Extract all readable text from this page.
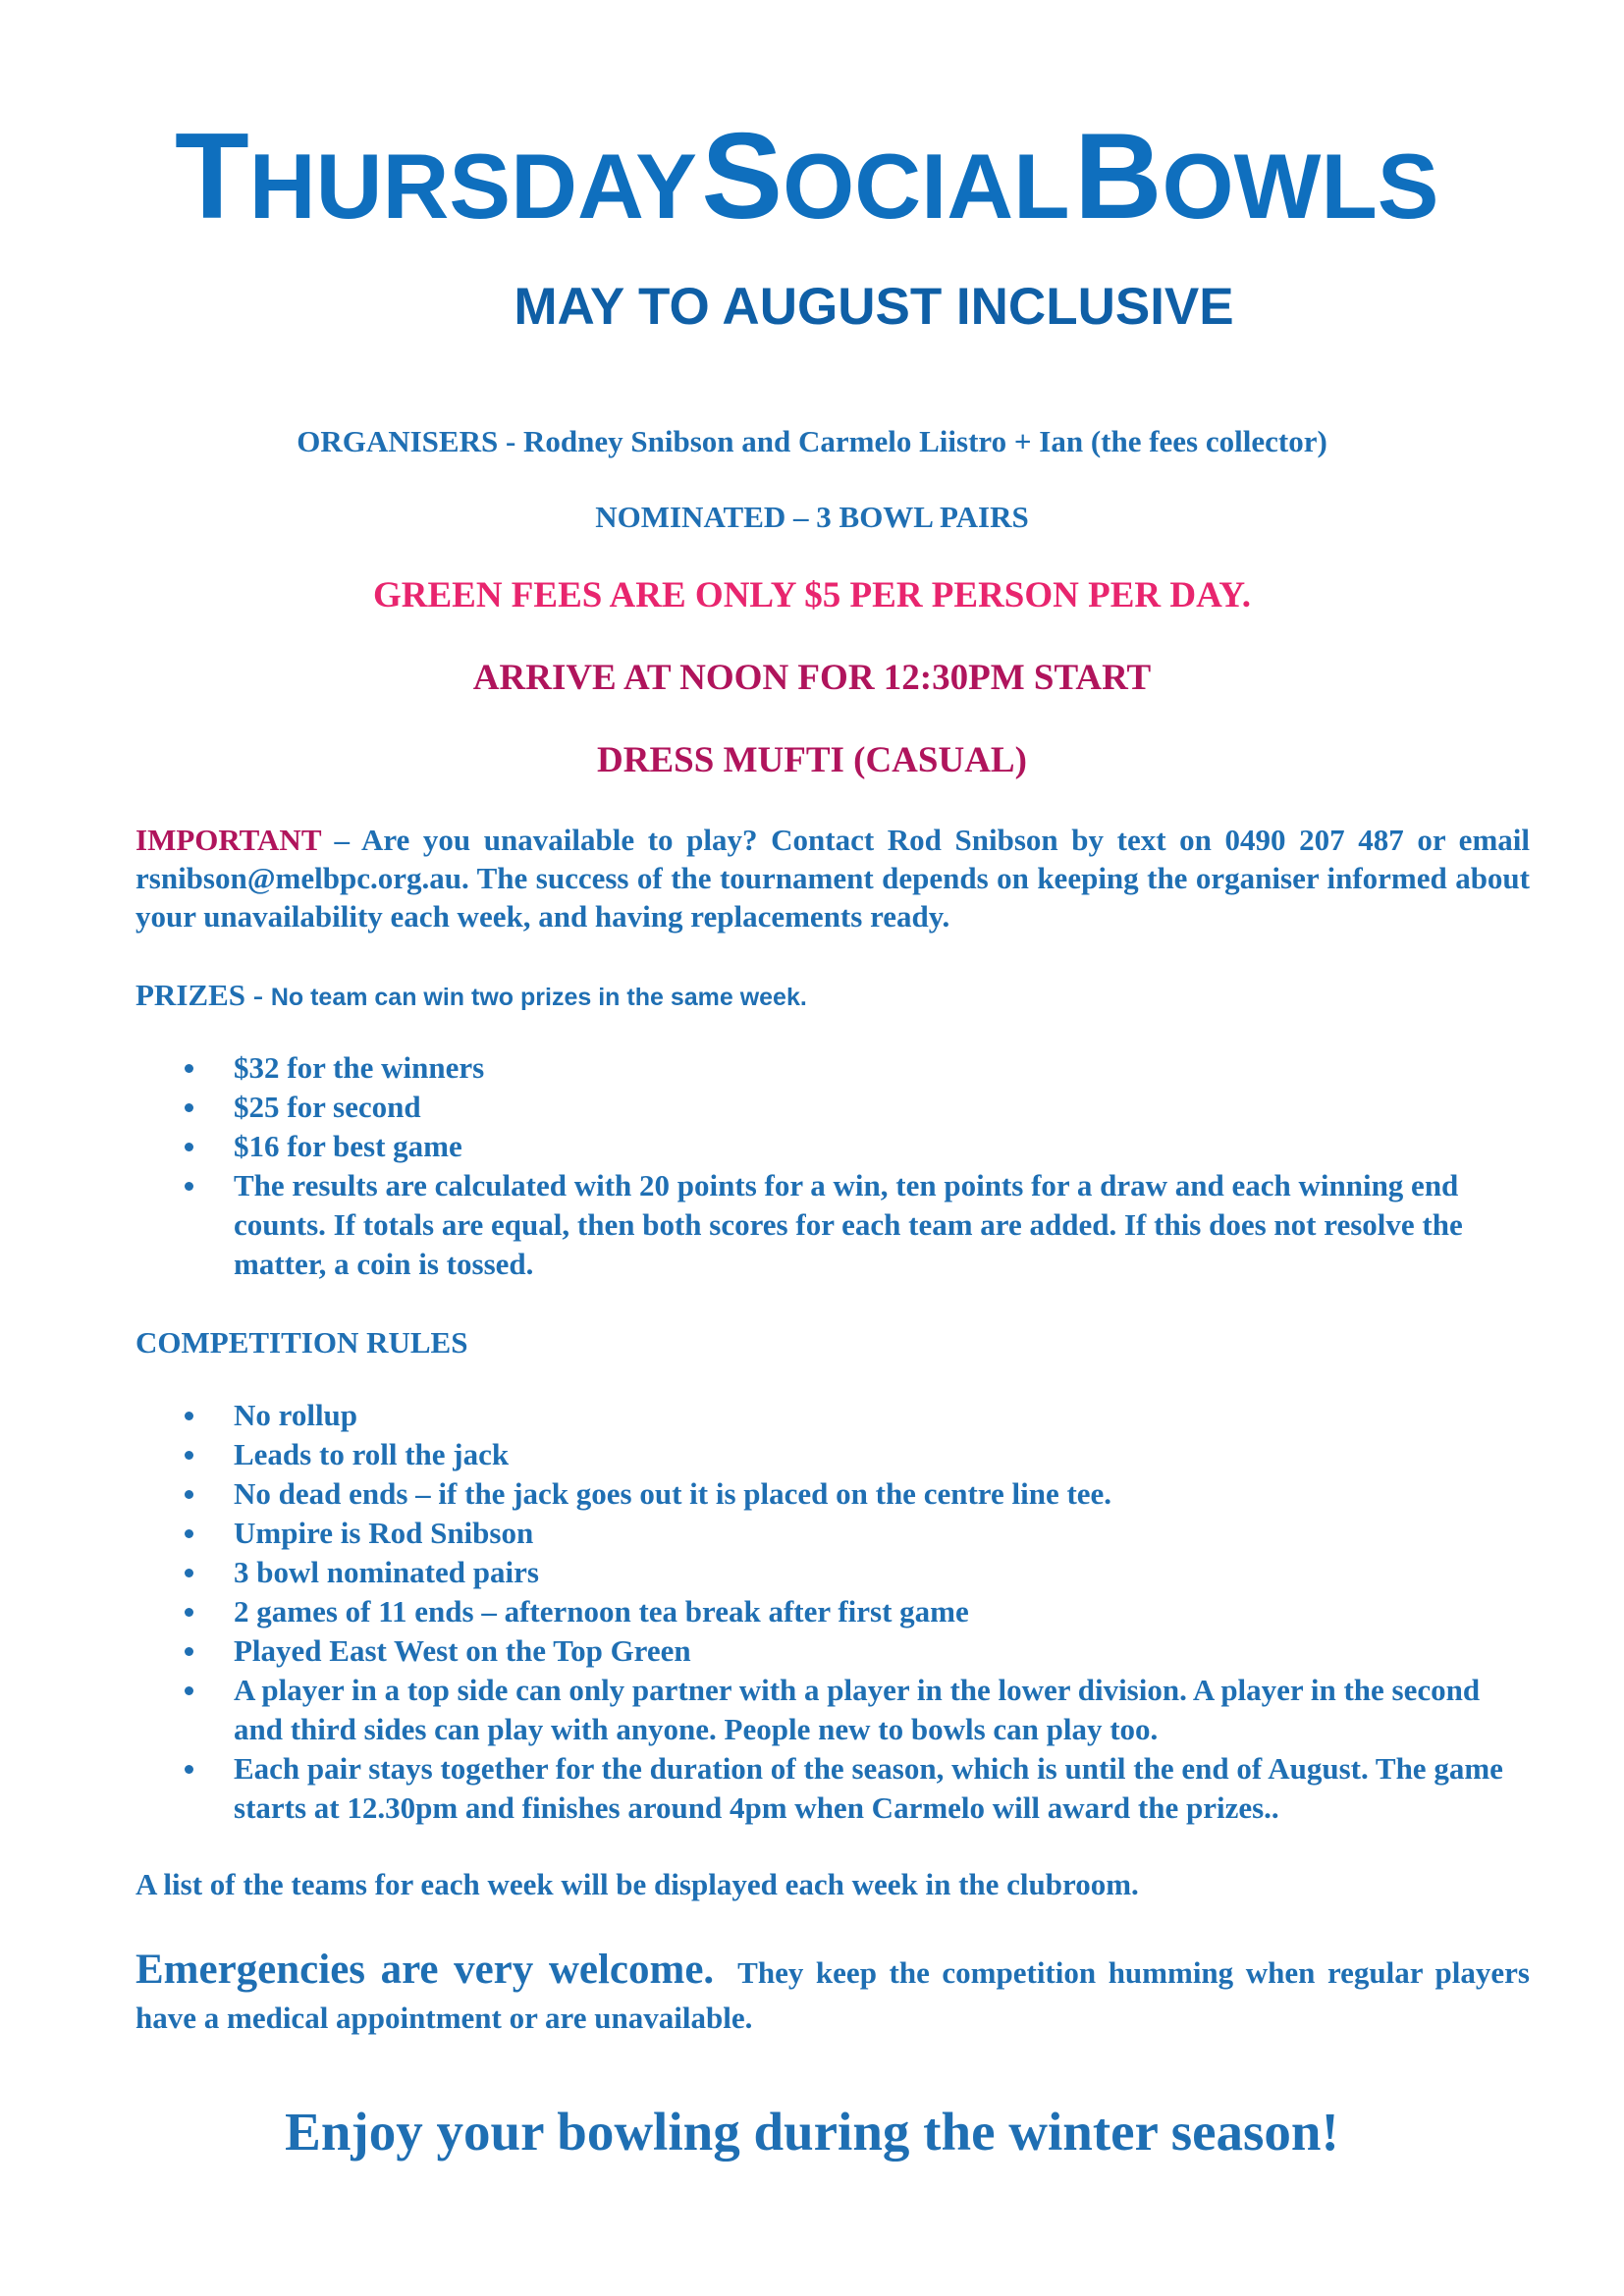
THURSDAY SOCIAL BOWLS
MAY TO AUGUST INCLUSIVE
ORGANISERS - Rodney Snibson and Carmelo Liistro + Ian (the fees collector)
NOMINATED – 3 BOWL PAIRS
GREEN FEES ARE ONLY $5 PER PERSON PER DAY.
ARRIVE AT NOON FOR 12:30PM START
DRESS MUFTI (CASUAL)
IMPORTANT – Are you unavailable to play? Contact Rod Snibson by text on 0490 207 487 or email rsnibson@melbpc.org.au. The success of the tournament depends on keeping the organiser informed about your unavailability each week, and having replacements ready.
PRIZES - No team can win two prizes in the same week.
$32 for the winners
$25 for second
$16 for best game
The results are calculated with 20 points for a win, ten points for a draw and each winning end counts. If totals are equal, then both scores for each team are added. If this does not resolve the matter, a coin is tossed.
COMPETITION RULES
No rollup
Leads to roll the jack
No dead ends – if the jack goes out it is placed on the centre line tee.
Umpire is Rod Snibson
3 bowl nominated pairs
2 games of 11 ends – afternoon tea break after first game
Played East West on the Top Green
A player in a top side can only partner with a player in the lower division. A player in the second and third sides can play with anyone. People new to bowls can play too.
Each pair stays together for the duration of the season, which is until the end of August. The game starts at 12.30pm and finishes around 4pm when Carmelo will award the prizes..
A list of the teams for each week will be displayed each week in the clubroom.
Emergencies are very welcome. They keep the competition humming when regular players have a medical appointment or are unavailable.
Enjoy your bowling during the winter season!
